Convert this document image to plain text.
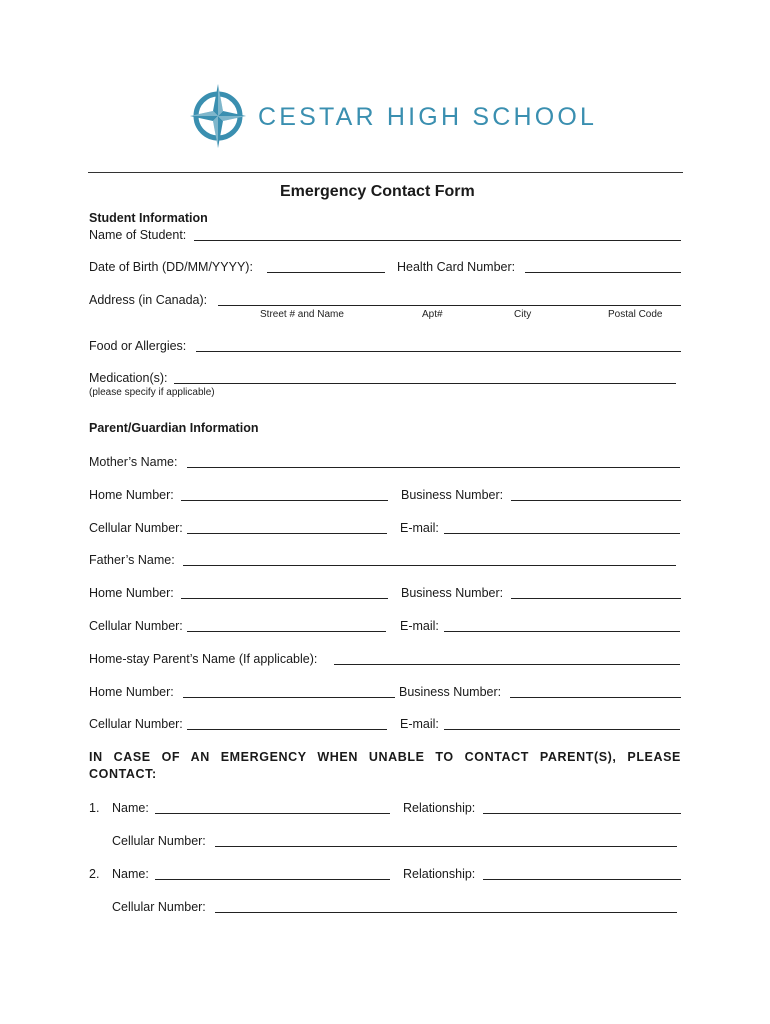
CESTAR HIGH SCHOOL
Emergency Contact Form
Student Information
Name of Student:
Date of Birth (DD/MM/YYYY):	Health Card Number:
Address (in Canada):
Street # and Name	Apt#	City	Postal Code
Food or Allergies:
Medication(s):
(please specify if applicable)
Parent/Guardian Information
Mother’s Name:
Home Number:	Business Number:
Cellular Number:	E-mail:
Father’s Name:
Home Number:	Business Number:
Cellular Number:	E-mail:
Home-stay Parent’s Name (If applicable):
Home Number:	Business Number:
Cellular Number:	E-mail:
IN CASE OF AN EMERGENCY WHEN UNABLE TO CONTACT PARENT(S), PLEASE CONTACT:
1. Name:	Relationship:
Cellular Number:
2. Name:	Relationship:
Cellular Number:
